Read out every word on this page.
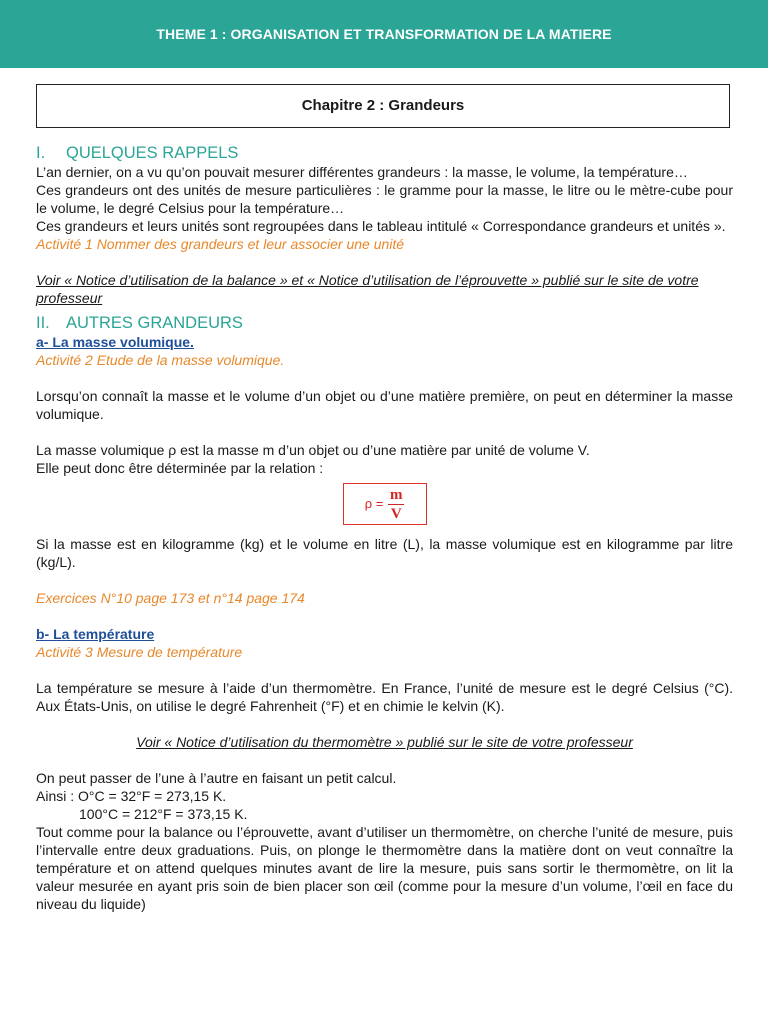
THEME 1 : ORGANISATION ET TRANSFORMATION DE LA MATIERE
Chapitre 2 : Grandeurs
I. QUELQUES RAPPELS

L’an dernier, on a vu qu’on pouvait mesurer différentes grandeurs : la masse, le volume, la température…

Ces grandeurs ont des unités de mesure particulières : le gramme pour la masse, le litre ou le mètre-cube pour le volume, le degré Celsius pour la température…

Ces grandeurs et leurs unités sont regroupées dans le tableau intitulé « Correspondance grandeurs et unités ».

Activité 1 Nommer des grandeurs et leur associer une unité

Voir « Notice d’utilisation de la balance » et « Notice d’utilisation de l’éprouvette » publié sur le site de votre professeur

II. AUTRES GRANDEURS

a- La masse volumique.

Activité 2 Etude de la masse volumique.

Lorsqu’on connaît la masse et le volume d’un objet ou d’une matière première, on peut en déterminer la masse volumique.

La masse volumique ρ est la masse m d’un objet ou d’une matière par unité de volume V.

Elle peut donc être déterminée par la relation :

$\rho = \frac{m}{V}$

Si la masse est en kilogramme (kg) et le volume en litre (L), la masse volumique est en kilogramme par litre (kg/L).

Exercices N°10 page 173 et n°14 page 174

b- La température

Activité 3 Mesure de température

La température se mesure à l’aide d’un thermomètre. En France, l’unité de mesure est le degré Celsius (°C). Aux États-Unis, on utilise le degré Fahrenheit (°F) et en chimie le kelvin (K).

Voir « Notice d’utilisation du thermomètre » publié sur le site de votre professeur

On peut passer de l’une à l’autre en faisant un petit calcul.

Ainsi : O°C = 32°F = 273,15 K.

100°C = 212°F = 373,15 K.

Tout comme pour la balance ou l’éprouvette, avant d’utiliser un thermomètre, on cherche l’unité de mesure, puis l’intervalle entre deux graduations. Puis, on plonge le thermomètre dans la matière dont on veut connaître la température et on attend quelques minutes avant de lire la mesure, puis sans sortir le thermomètre, on lit la valeur mesurée en ayant pris soin de bien placer son œil (comme pour la mesure d’un volume, l’œil en face du niveau du liquide)
